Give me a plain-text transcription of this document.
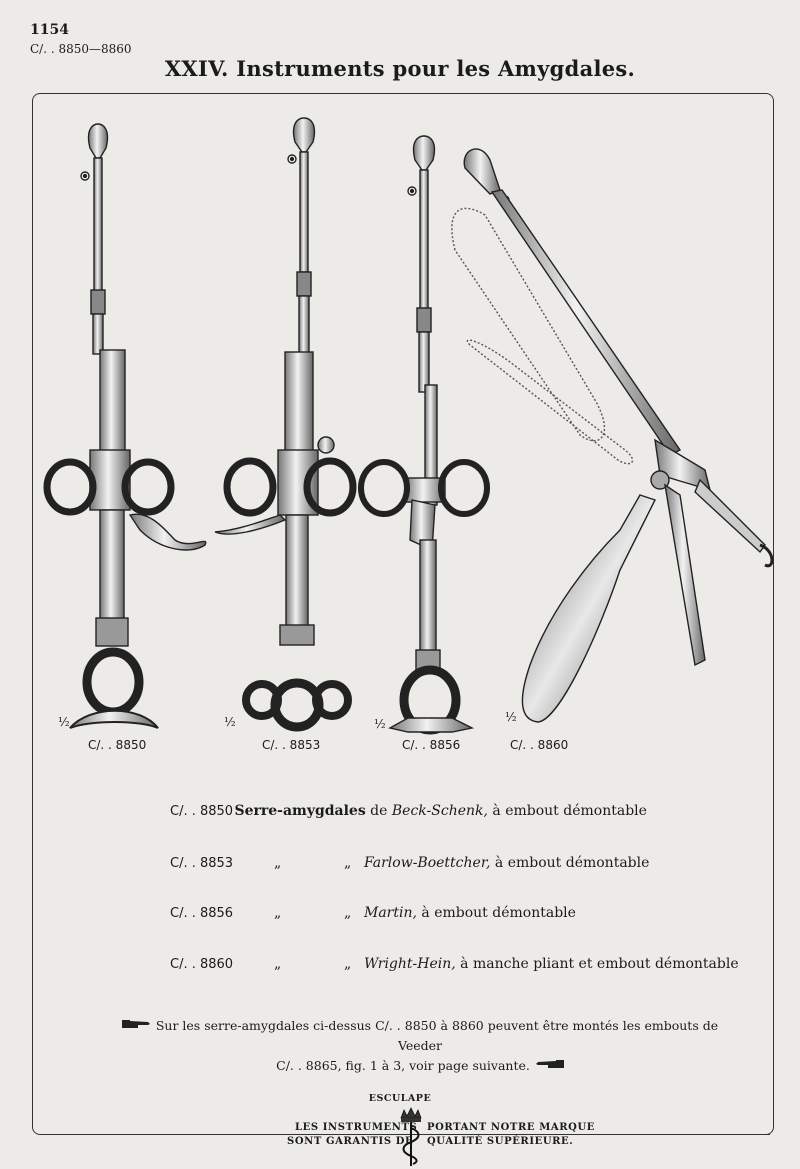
1154
C/. . 8850—8860
XXIV. Instruments pour les Amygdales.
½
C/. . 8850
½
C/. . 8853
½
C/. . 8856
½
C/. . 8860
C/. . 8850 Serre-amygdales de Beck-Schenk, à embout démontable
C/. . 8853	„	„ Farlow-Boettcher, à embout démontable
C/. . 8856	„	„ Martin, à embout démontable
C/. . 8860	„	„ Wright-Hein, à manche pliant et embout démontable
Sur les serre-amygdales ci-dessus C/. . 8850 à 8860 peuvent être montés les embouts de Veeder
C/. . 8865, fig. 1 à 3, voir page suivante.
ESCULAPE
LES INSTRUMENTS
SONT GARANTIS DE
PORTANT NOTRE MARQUE
QUALITÉ SUPÉRIEURE.
